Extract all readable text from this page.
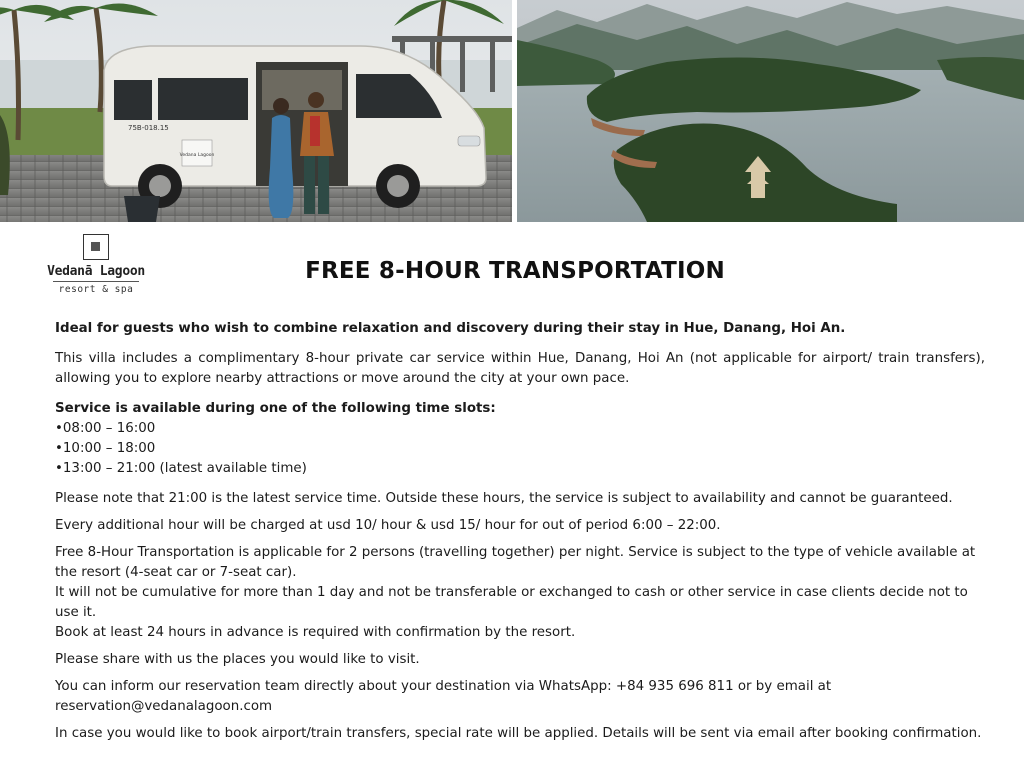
Vedana Lagoon
75B-018.15
Vedanā Lagoon
resort & spa
FREE 8-HOUR TRANSPORTATION

Ideal for guests who wish to combine relaxation and discovery during their stay in Hue, Danang, Hoi An.

This villa includes a complimentary 8-hour private car service within Hue, Danang, Hoi An (not applicable for airport/ train transfers), allowing you to explore nearby attractions or move around the city at your own pace.

Service is available during one of the following time slots:

• 08:00 – 16:00

• 10:00 – 18:00

• 13:00 – 21:00 (latest available time)

Please note that 21:00 is the latest service time. Outside these hours, the service is subject to availability and cannot be guaranteed.

Every additional hour will be charged at usd 10/ hour & usd 15/ hour for out of period 6:00 – 22:00.

Free 8-Hour Transportation is applicable for 2 persons (travelling together) per night. Service is subject to the type of vehicle available at the resort (4-seat car or 7-seat car).

It will not be cumulative for more than 1 day and not be transferable or exchanged to cash or other service in case clients decide not to use it.

Book at least 24 hours in advance is required with confirmation by the resort.

Please share with us the places you would like to visit.

You can inform our reservation team directly about your destination via WhatsApp: +84 935 696 811 or by email at

reservation@vedanalagoon.com

In case you would like to book airport/train transfers, special rate will be applied. Details will be sent via email after booking confirmation.
